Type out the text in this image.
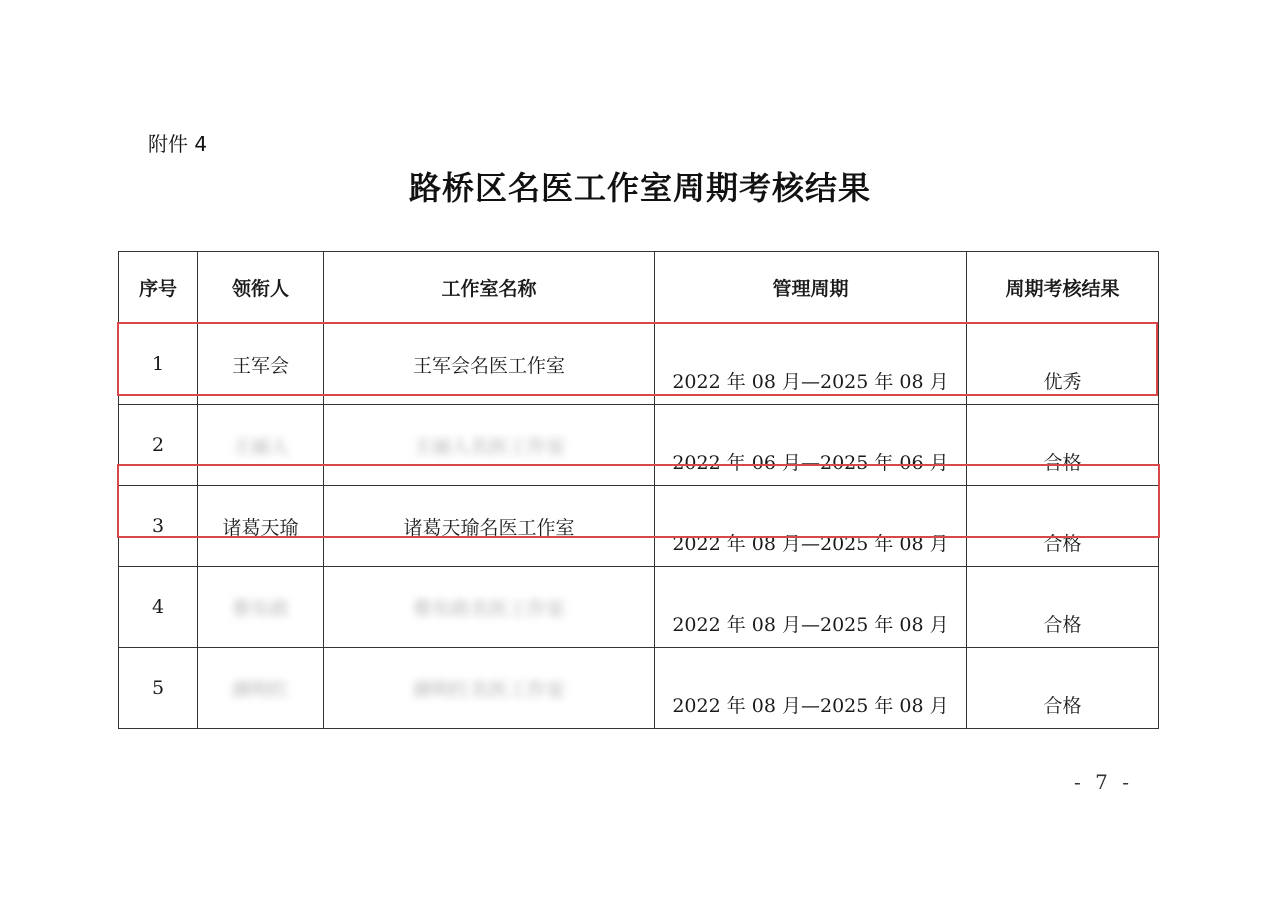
附件 4
路桥区名医工作室周期考核结果
序号	领衔人	工作室名称	管理周期	周期考核结果
1	王军会	王军会名医工作室	2022 年 08 月—2025 年 08 月	优秀
2	王丽人	王丽人名医工作室	2022 年 06 月—2025 年 06 月	合格
3	诸葛天瑜	诸葛天瑜名医工作室	2022 年 08 月—2025 年 08 月	合格
4	蔡有政	蔡有政名医工作室	2022 年 08 月—2025 年 08 月	合格
5	颜明红	颜明红名医工作室	2022 年 08 月—2025 年 08 月	合格
- 7 -
